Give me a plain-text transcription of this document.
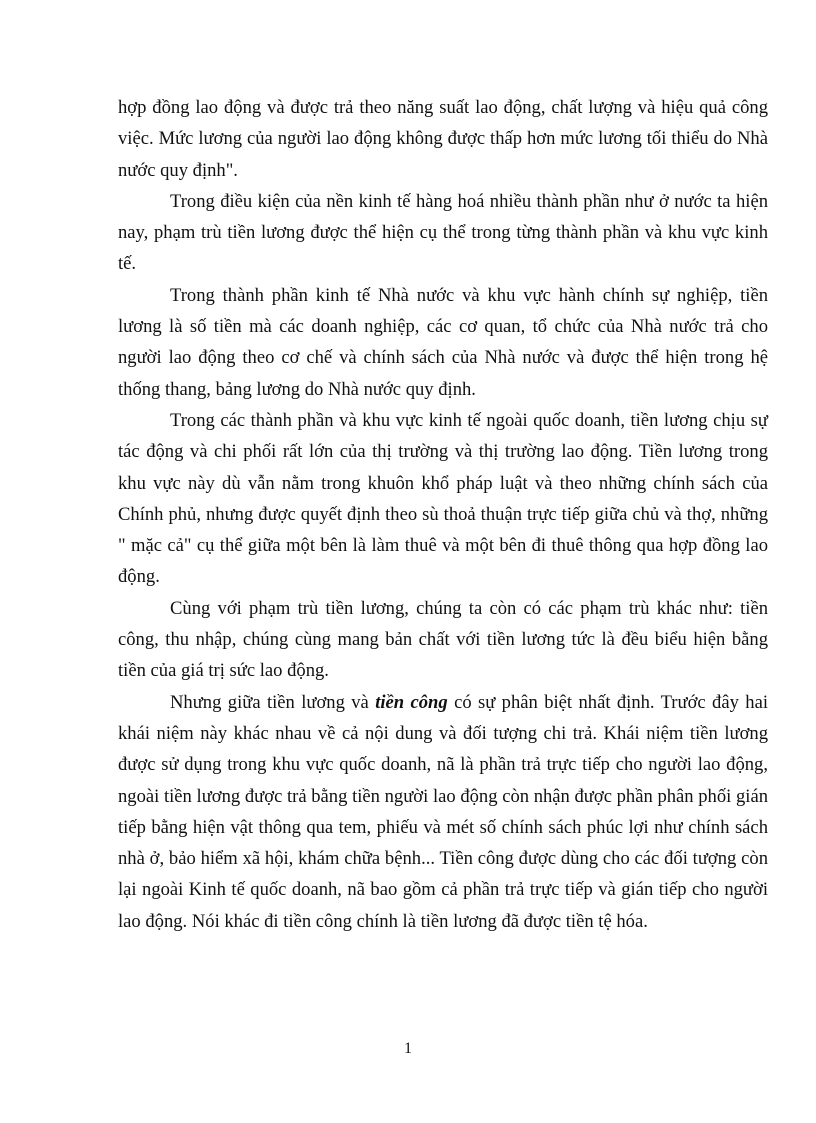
hợp đồng lao động và được trả theo năng suất lao động, chất lượng và hiệu quả công việc. Mức lương của người lao động không được thấp hơn mức lương tối thiểu do Nhà nước quy định".

Trong điều kiện của nền kinh tế hàng hoá nhiều thành phần như ở nước ta hiện nay, phạm trù tiền lương được thể hiện cụ thể trong từng thành phần và khu vực kinh tế.

Trong thành phần kinh tế Nhà nước và khu vực hành chính sự nghiệp, tiền lương là số tiền mà các doanh nghiệp, các cơ quan, tổ chức của Nhà nước trả cho người lao động theo cơ chế và chính sách của Nhà nước và được thể hiện trong hệ thống thang, bảng lương do Nhà nước quy định.

Trong các thành phần và khu vực kinh tế ngoài quốc doanh, tiền lương chịu sự tác động và chi phối rất lớn của thị trường và thị trường lao động. Tiền lương trong khu vực này dù vẫn nằm trong khuôn khổ pháp luật và theo những chính sách của Chính phủ, nhưng được quyết định theo sù thoả thuận trực tiếp giữa chủ và thợ, những " mặc cả" cụ thể giữa một bên là làm thuê và một bên đi thuê thông qua hợp đồng lao động.

Cùng với phạm trù tiền lương, chúng ta còn có các phạm trù khác như: tiền công, thu nhập, chúng cùng mang bản chất với tiền lương tức là đều biểu hiện bằng tiền của giá trị sức lao động.

Nhưng giữa tiền lương và tiền công có sự phân biệt nhất định. Trước đây hai khái niệm này khác nhau về cả nội dung và đối tượng chi trả. Khái niệm tiền lương được sử dụng trong khu vực quốc doanh, nã là phần trả trực tiếp cho người lao động, ngoài tiền lương được trả bằng tiền người lao động còn nhận được phần phân phối gián tiếp bằng hiện vật thông qua tem, phiếu và mét số chính sách phúc lợi như chính sách nhà ở, bảo hiểm xã hội, khám chữa bệnh... Tiền công được dùng cho các đối tượng còn lại ngoài Kinh tế quốc doanh, nã bao gồm cả phần trả trực tiếp và gián tiếp cho người lao động. Nói khác đi tiền công chính là tiền lương đã được tiền tệ hóa.

1
